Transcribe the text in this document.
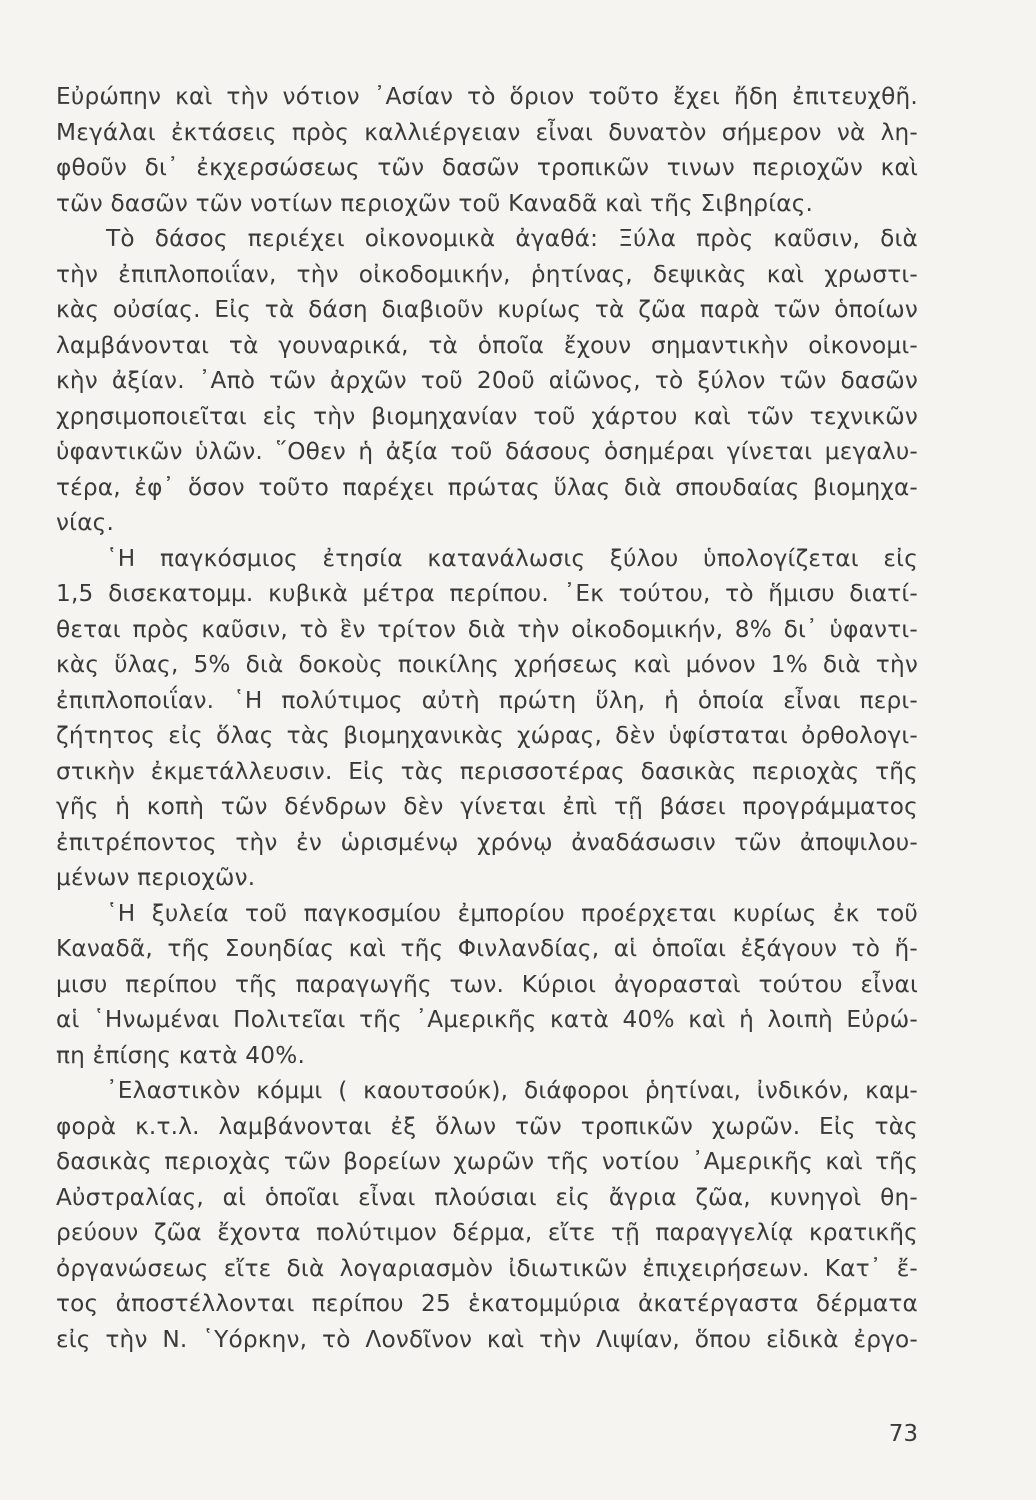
Εὐρώπην καὶ τὴν νότιον ᾿Ασίαν τὸ ὅριον τοῦτο ἔχει ἤδη ἐπιτευχθῆ.
Μεγάλαι ἐκτάσεις πρὸς καλλιέργειαν εἶναι δυνατὸν σήμερον νὰ λη-
φθοῦν δι᾿ ἐκχερσώσεως τῶν δασῶν τροπικῶν τινων περιοχῶν καὶ
τῶν δασῶν τῶν νοτίων περιοχῶν τοῦ Καναδᾶ καὶ τῆς Σιβηρίας.
Τὸ δάσος περιέχει οἰκονομικὰ ἀγαθά: Ξύλα πρὸς καῦσιν, διὰ
τὴν ἐπιπλοποιΐαν, τὴν οἰκοδομικήν, ῥητίνας, δεψικὰς καὶ χρωστι-
κὰς οὐσίας. Εἰς τὰ δάση διαβιοῦν κυρίως τὰ ζῶα παρὰ τῶν ὁποίων
λαμβάνονται τὰ γουναρικά, τὰ ὁποῖα ἔχουν σημαντικὴν οἰκονομι-
κὴν ἀξίαν. ᾿Απὸ τῶν ἀρχῶν τοῦ 20οῦ αἰῶνος, τὸ ξύλον τῶν δασῶν
χρησιμοποιεῖται εἰς τὴν βιομηχανίαν τοῦ χάρτου καὶ τῶν τεχνικῶν
ὑφαντικῶν ὑλῶν. ῞Οθεν ἡ ἀξία τοῦ δάσους ὁσημέραι γίνεται μεγαλυ-
τέρα, ἐφ᾿ ὅσον τοῦτο παρέχει πρώτας ὕλας διὰ σπουδαίας βιομηχα-
νίας.
῾Η παγκόσμιος ἐτησία κατανάλωσις ξύλου ὑπολογίζεται εἰς
1,5 δισεκατομμ. κυβικὰ μέτρα περίπου. ᾿Εκ τούτου, τὸ ἥμισυ διατί-
θεται πρὸς καῦσιν, τὸ ἓν τρίτον διὰ τὴν οἰκοδομικήν, 8% δι᾿ ὑφαντι-
κὰς ὕλας, 5% διὰ δοκοὺς ποικίλης χρήσεως καὶ μόνον 1% διὰ τὴν
ἐπιπλοποιΐαν. ῾Η πολύτιμος αὐτὴ πρώτη ὕλη, ἡ ὁποία εἶναι περι-
ζήτητος εἰς ὅλας τὰς βιομηχανικὰς χώρας, δὲν ὑφίσταται ὀρθολογι-
στικὴν ἐκμετάλλευσιν. Εἰς τὰς περισσοτέρας δασικὰς περιοχὰς τῆς
γῆς ἡ κοπὴ τῶν δένδρων δὲν γίνεται ἐπὶ τῇ βάσει προγράμματος
ἐπιτρέποντος τὴν ἐν ὡρισμένῳ χρόνῳ ἀναδάσωσιν τῶν ἀποψιλου-
μένων περιοχῶν.
῾Η ξυλεία τοῦ παγκοσμίου ἐμπορίου προέρχεται κυρίως ἐκ τοῦ
Καναδᾶ, τῆς Σουηδίας καὶ τῆς Φινλανδίας, αἱ ὁποῖαι ἐξάγουν τὸ ἥ-
μισυ περίπου τῆς παραγωγῆς των. Κύριοι ἀγορασταὶ τούτου εἶναι
αἱ ῾Ηνωμέναι Πολιτεῖαι τῆς ᾿Αμερικῆς κατὰ 40% καὶ ἡ λοιπὴ Εὐρώ-
πη ἐπίσης κατὰ 40%.
᾿Ελαστικὸν κόμμι ( καουτσούκ), διάφοροι ῥητίναι, ἰνδικόν, καμ-
φορὰ κ.τ.λ. λαμβάνονται ἐξ ὅλων τῶν τροπικῶν χωρῶν. Εἰς τὰς
δασικὰς περιοχὰς τῶν βορείων χωρῶν τῆς νοτίου ᾿Αμερικῆς καὶ τῆς
Αὐστραλίας, αἱ ὁποῖαι εἶναι πλούσιαι εἰς ἄγρια ζῶα, κυνηγοὶ θη-
ρεύουν ζῶα ἔχοντα πολύτιμον δέρμα, εἴτε τῇ παραγγελίᾳ κρατικῆς
ὀργανώσεως εἴτε διὰ λογαριασμὸν ἰδιωτικῶν ἐπιχειρήσεων. Κατ᾿ ἔ-
τος ἀποστέλλονται περίπου 25 ἑκατομμύρια ἀκατέργαστα δέρματα
εἰς τὴν Ν. ῾Υόρκην, τὸ Λονδῖνον καὶ τὴν Λιψίαν, ὅπου εἰδικὰ ἐργο-
73
